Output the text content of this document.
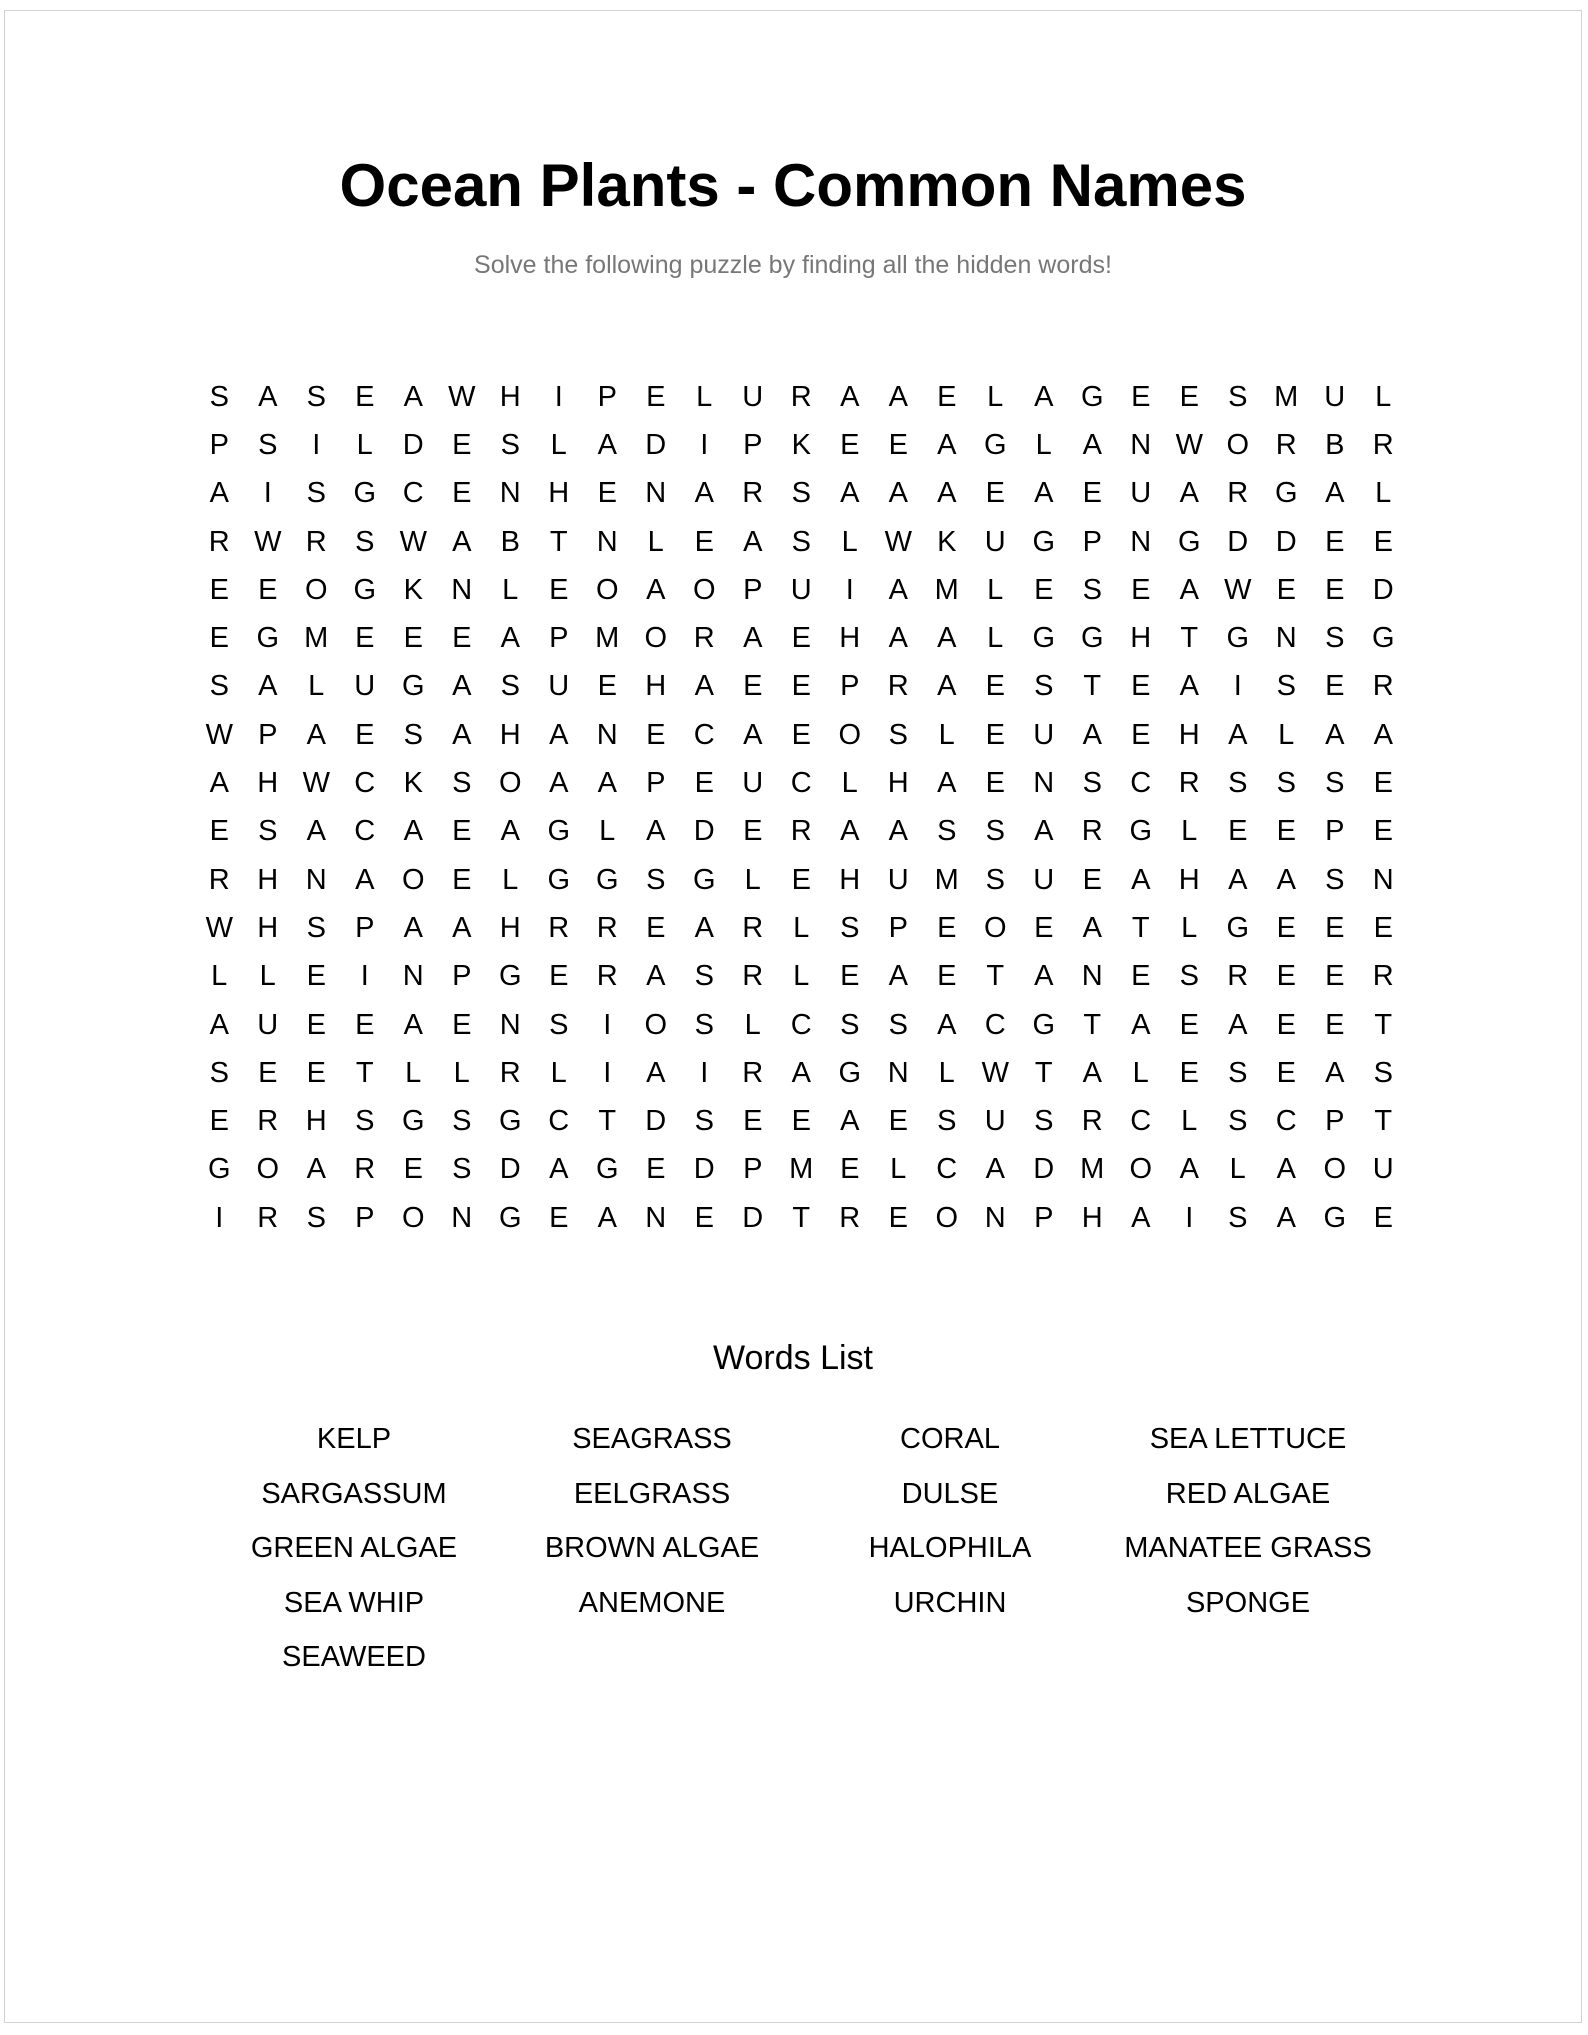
Ocean Plants - Common Names
Solve the following puzzle by finding all the hidden words!
S	A	S	E	A W H	I	P	E	L	U R A	A	E	L	A G E	E	S M U	L
P	S	I	L	D E	S	L	A D	I	P	K	E	E	A G	L	A N W O R B R
A	I	S G C E N H E N A R S	A	A	A	E	A	E U A R G A	L
R W R S W A	B	T	N	L	E	A	S	L W K U G P N G D D E	E
E	E O G K N	L	E O A O P U	I	A M L	E	S	E	A W E	E D
E G M E	E	E	A	P M O R A	E H A	A	L	G G H	T G N S G
S	A	L	U G A	S U E H A	E	E	P R A	E	S	T	E	A	I	S	E R
W P	A	E	S	A H A N E C A	E O S	L	E U A	E H A	L	A	A
A H W C K	S O A	A	P	E U C	L	H A	E N S C R S	S	S	E
E	S	A C A	E	A G	L	A D E R A	A	S	S	A R G	L	E	E	P	E
R H N A O E	L	G G S G	L	E H U M S U E	A H A	A	S N
W H S	P	A	A H R R E	A R	L	S	P	E O E	A	T	L	G E	E	E
L	L	E	I	N P G E R A	S R	L	E	A	E	T	A N E	S R E	E R
A U E	E	A	E N S	I	O S	L	C S	S	A C G T	A	E	A	E	E	T
S	E	E	T	L	L	R	L	I	A	I	R A G N	L W T	A	L	E	S	E	A	S
E R H S G S G C	T	D S	E	E	A	E	S U S R C	L	S C P	T
G O A R E	S D A G E D P M E	L	C A D M O A	L	A O U
I	R S	P O N G E	A N E D	T	R E O N P H A	I	S	A G E
Words List
KELP	SEAGRASS	CORAL	SEA LETTUCE
SARGASSUM	EELGRASS	DULSE	RED ALGAE
GREEN ALGAE	BROWN ALGAE	HALOPHILA	MANATEE GRASS
SEA WHIP	ANEMONE	URCHIN	SPONGE
SEAWEED
